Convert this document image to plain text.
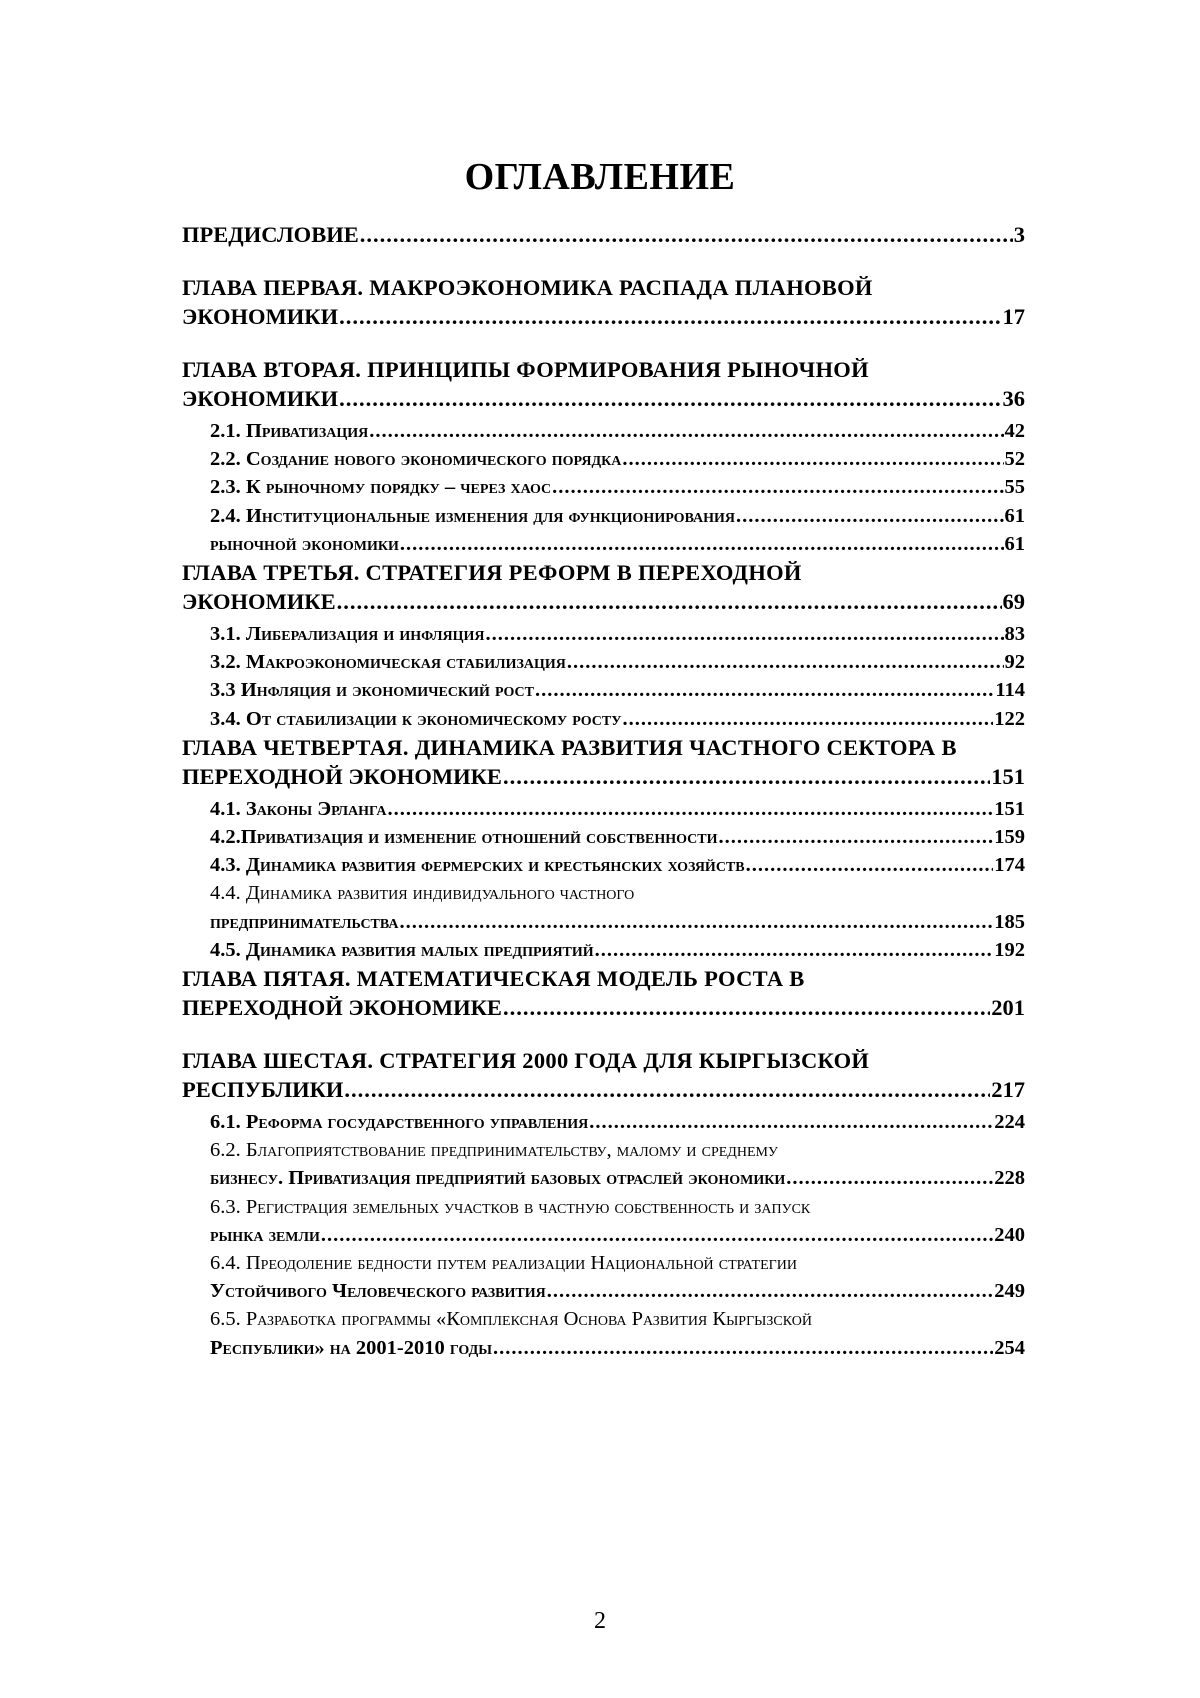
ОГЛАВЛЕНИЕ
ПРЕДИСЛОВИЕ .....	3
ГЛАВА ПЕРВАЯ. МАКРОЭКОНОМИКА РАСПАДА ПЛАНОВОЙ
ЭКОНОМИКИ .....	17
ГЛАВА ВТОРАЯ. ПРИНЦИПЫ ФОРМИРОВАНИЯ РЫНОЧНОЙ
ЭКОНОМИКИ .....	36
2.1. Приватизация .....	42
2.2. Создание нового экономического порядка .....	52
2.3. К рыночному порядку – через хаос .....	55
2.4. Институциональные изменения для функционирования .....	61
рыночной экономики .....	61
ГЛАВА ТРЕТЬЯ. СТРАТЕГИЯ РЕФОРМ В ПЕРЕХОДНОЙ
ЭКОНОМИКЕ .....	69
3.1. Либерализация и инфляция .....	83
3.2. Макроэкономическая стабилизация .....	92
3.3 Инфляция и экономический рост .....	114
3.4. От стабилизации к экономическому росту .....	122
ГЛАВА ЧЕТВЕРТАЯ. ДИНАМИКА РАЗВИТИЯ ЧАСТНОГО СЕКТОРА В
ПЕРЕХОДНОЙ ЭКОНОМИКЕ .....	151
4.1. Законы Эрланга .....	151
4.2.Приватизация и изменение отношений собственности .....	159
4.3. Динамика развития фермерских и крестьянских хозяйств .....	174
4.4. Динамика развития индивидуального частного
предпринимательства .....	185
4.5. Динамика развития малых предприятий .....	192
ГЛАВА ПЯТАЯ. МАТЕМАТИЧЕСКАЯ МОДЕЛЬ РОСТА В
ПЕРЕХОДНОЙ ЭКОНОМИКЕ .....	201
ГЛАВА ШЕСТАЯ. СТРАТЕГИЯ 2000 ГОДА ДЛЯ КЫРГЫЗСКОЙ
РЕСПУБЛИКИ .....	217
6.1. Реформа государственного управления .....	224
6.2. Благоприятствование предпринимательству, малому и среднему
бизнесу. Приватизация предприятий базовых отраслей экономики .....	228
6.3. Регистрация земельных участков в частную собственность и запуск
рынка земли .....	240
6.4. Преодоление бедности путем реализации Национальной стратегии
Устойчивого Человеческого развития .....	249
6.5. Разработка программы «Комплексная Основа Развития Кыргызской
Республики» на 2001-2010 годы .....	254
2
